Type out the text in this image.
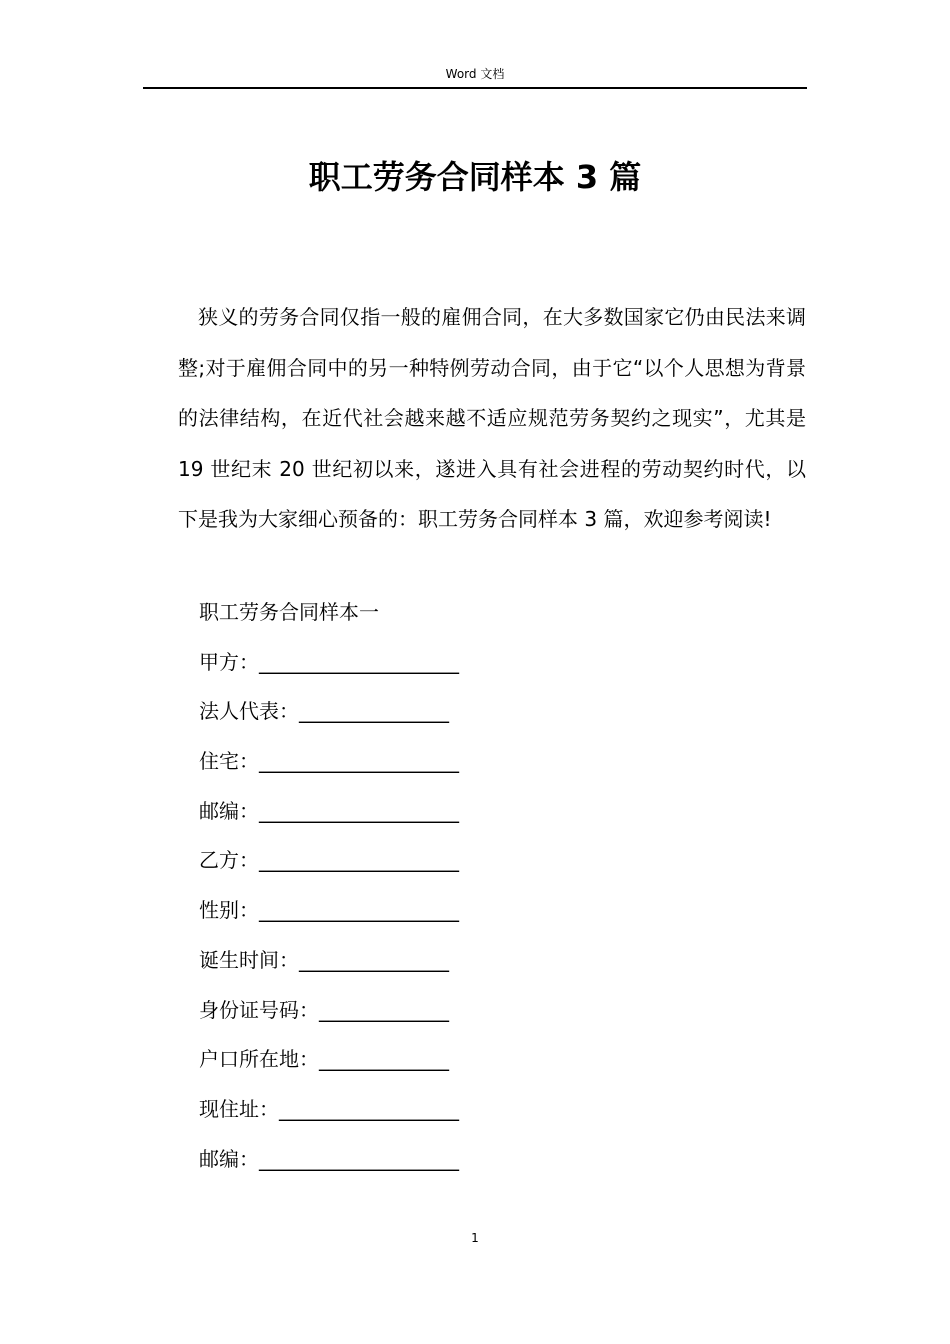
Word 文档
职工劳务合同样本 3 篇

狭义的劳务合同仅指一般的雇佣合同，在大多数国家它仍由民法来调整;对于雇佣合同中的另一种特例劳动合同，由于它“以个人思想为背景的法律结构，在近代社会越来越不适应规范劳务契约之现实”，尤其是 19 世纪末 20 世纪初以来，遂进入具有社会进程的劳动契约时代，以下是我为大家细心预备的：职工劳务合同样本 3 篇，欢迎参考阅读!

职工劳务合同样本一
甲方：____________________
法人代表：_______________
住宅：____________________
邮编：____________________
乙方：____________________
性别：____________________
诞生时间：_______________
身份证号码：_____________
户口所在地：_____________
现住址：__________________
邮编：____________________
1
